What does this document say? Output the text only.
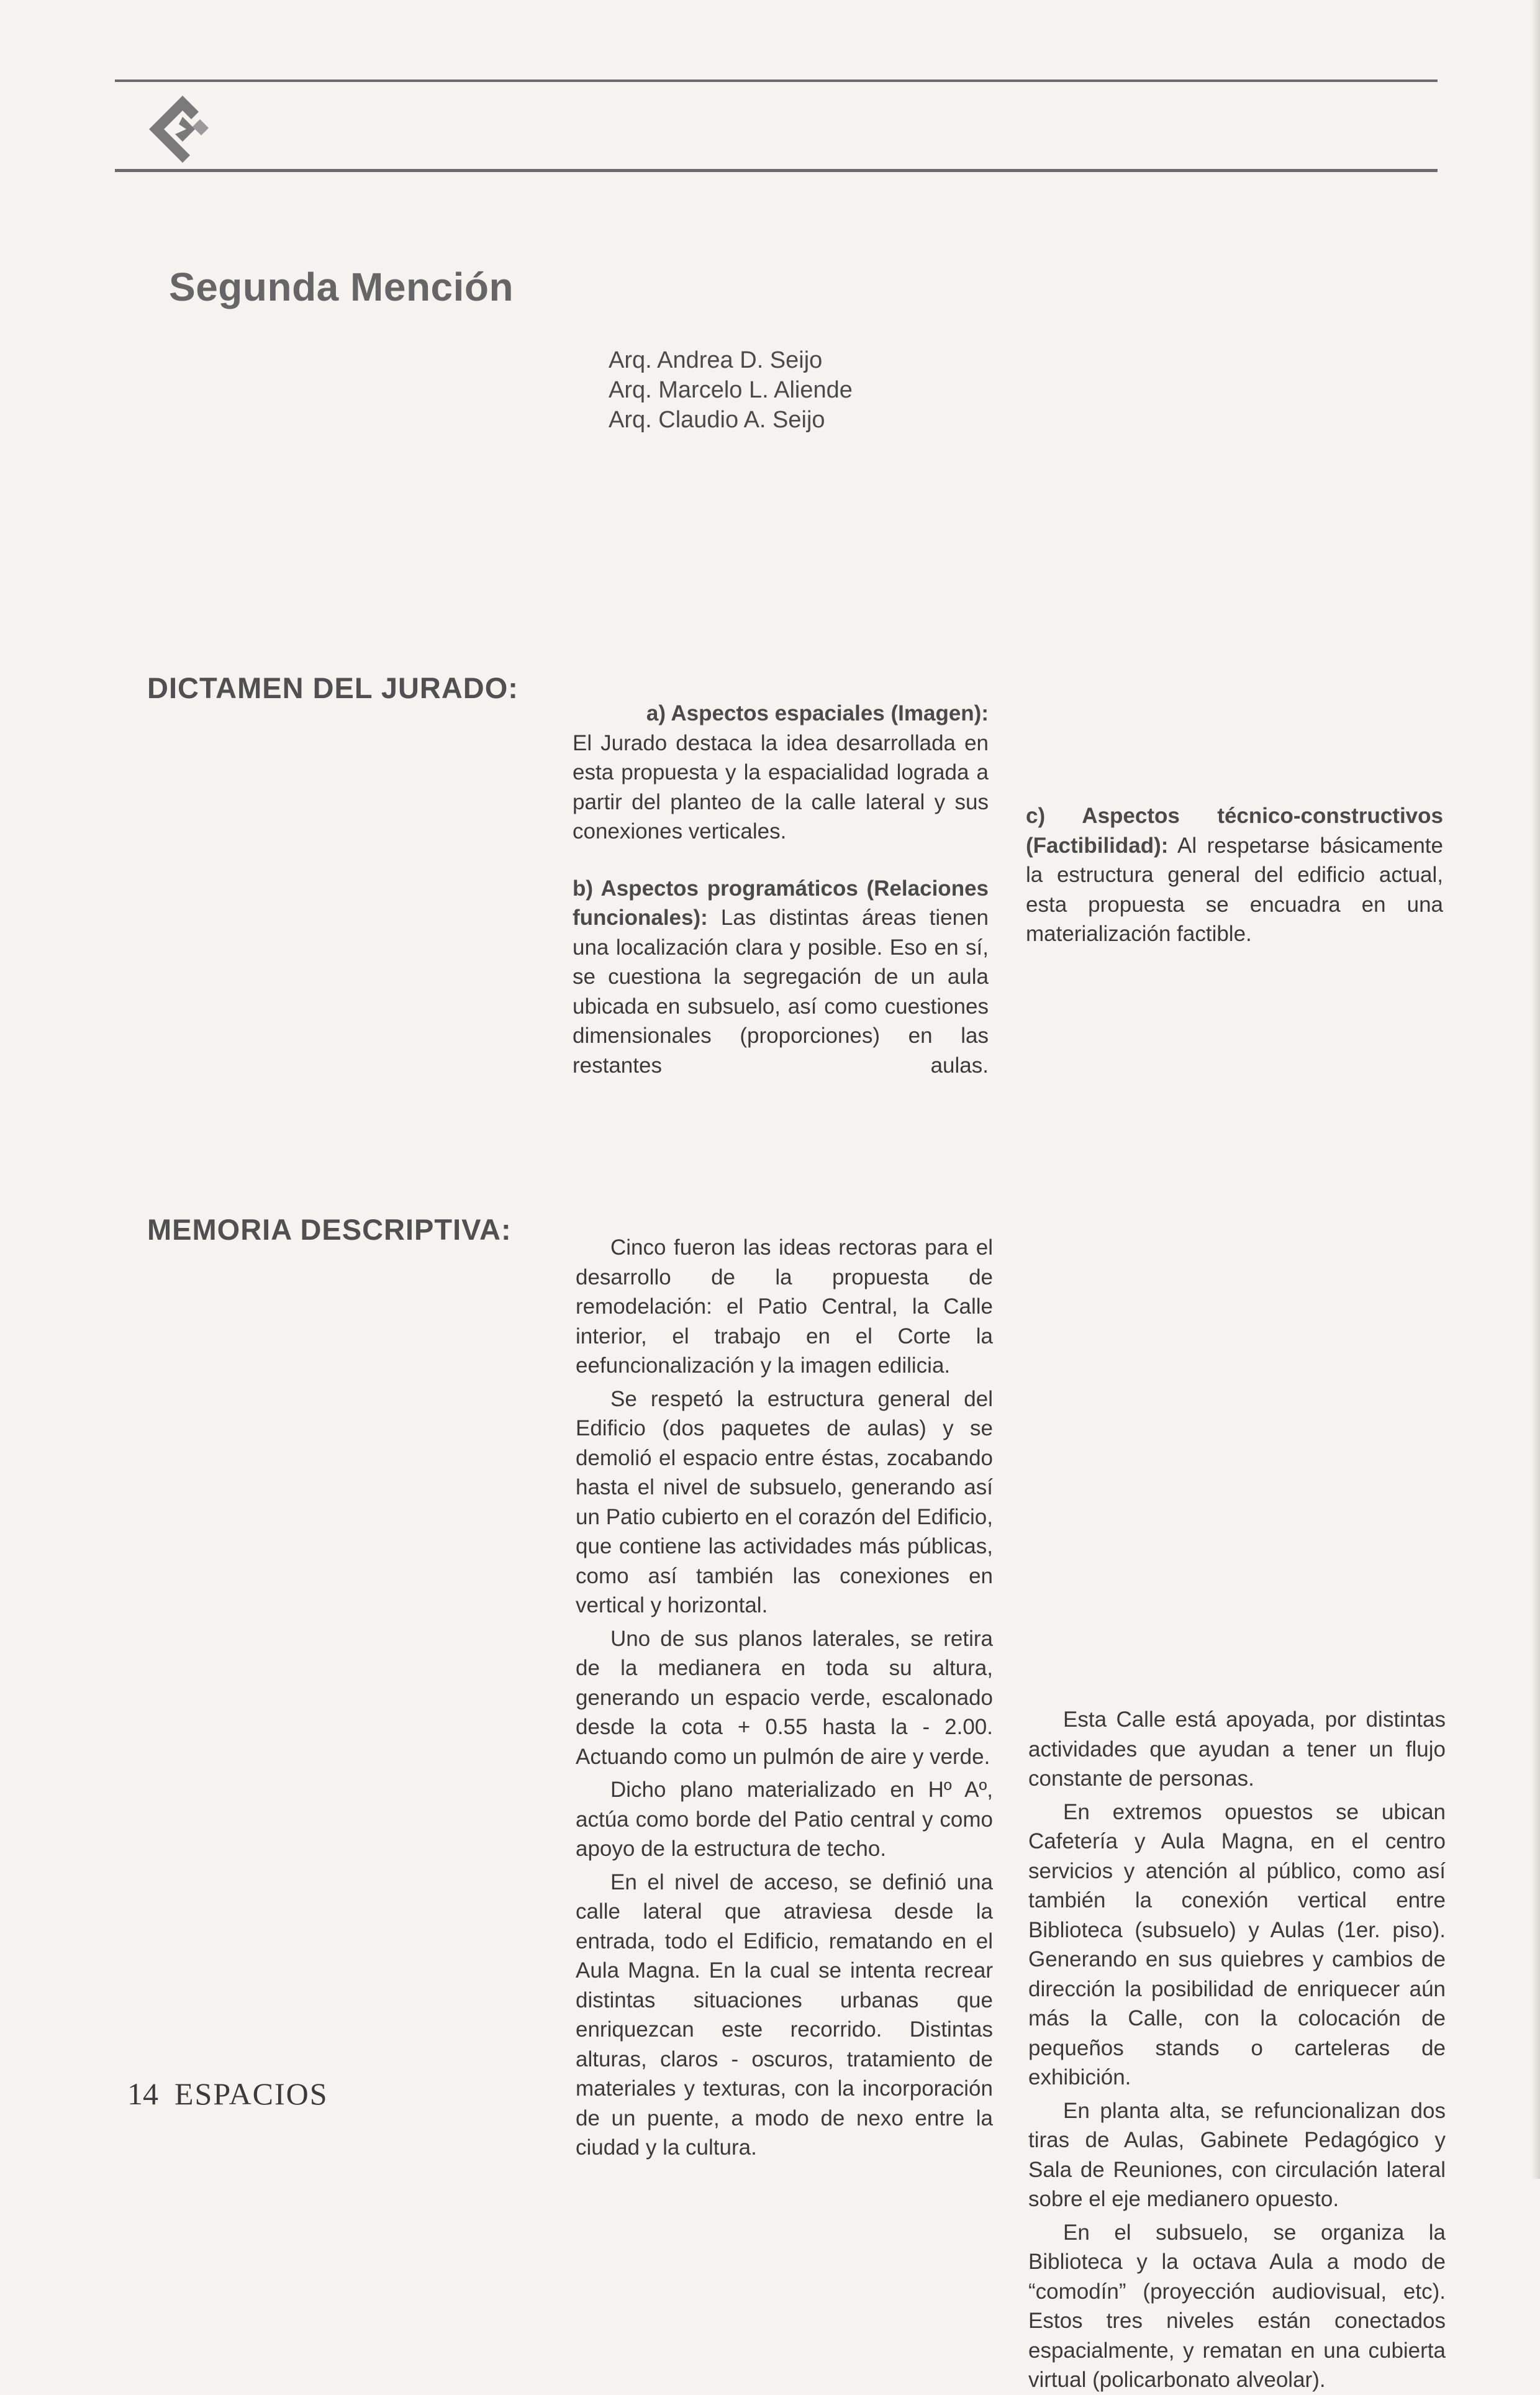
Segunda Mención
Arq. Andrea D. Seijo
Arq. Marcelo L. Aliende
Arq. Claudio A. Seijo
DICTAMEN DEL JURADO:

a) Aspectos espaciales (Imagen):

El Jurado destaca la idea desarrollada en esta propuesta y la espacialidad lograda a partir del planteo de la calle lateral y sus conexiones verticales.

b) Aspectos programáticos (Relaciones funcionales): Las distintas áreas tienen una localización clara y posible. Eso en sí, se cuestiona la segregación de un aula ubicada en subsuelo, así como cuestiones dimensionales (proporciones) en las restantes aulas.

c) Aspectos técnico-constructivos (Factibilidad): Al respetarse básicamente la estructura general del edificio actual, esta propuesta se encuadra en una materialización factible.

MEMORIA DESCRIPTIVA:

Cinco fueron las ideas rectoras para el desarrollo de la propuesta de remodelación: el Patio Central, la Calle interior, el trabajo en el Corte la eefuncionalización y la imagen edilicia.

Se respetó la estructura general del Edificio (dos paquetes de aulas) y se demolió el espacio entre éstas, zocabando hasta el nivel de subsuelo, generando así un Patio cubierto en el corazón del Edificio, que contiene las actividades más públicas, como así también las conexiones en vertical y horizontal.

Uno de sus planos laterales, se retira de la medianera en toda su altura, generando un espacio verde, escalonado desde la cota + 0.55 hasta la - 2.00. Actuando como un pulmón de aire y verde.

Dicho plano materializado en Hº Aº, actúa como borde del Patio central y como apoyo de la estructura de techo.

En el nivel de acceso, se definió una calle lateral que atraviesa desde la entrada, todo el Edificio, rematando en el Aula Magna. En la cual se intenta recrear distintas situaciones urbanas que enriquezcan este recorrido. Distintas alturas, claros - oscuros, tratamiento de materiales y texturas, con la incorporación de un puente, a modo de nexo entre la ciudad y la cultura.

Esta Calle está apoyada, por distintas actividades que ayudan a tener un flujo constante de personas.

En extremos opuestos se ubican Cafetería y Aula Magna, en el centro servicios y atención al público, como así también la conexión vertical entre Biblioteca (subsuelo) y Aulas (1er. piso). Generando en sus quiebres y cambios de dirección la posibilidad de enriquecer aún más la Calle, con la colocación de pequeños stands o carteleras de exhibición.

En planta alta, se refuncionalizan dos tiras de Aulas, Gabinete Pedagógico y Sala de Reuniones, con circulación lateral sobre el eje medianero opuesto.

En el subsuelo, se organiza la Biblioteca y la octava Aula a modo de “comodín” (proyección audiovisual, etc). Estos tres niveles están conectados espacialmente, y rematan en una cubierta virtual (policarbonato alveolar).

14 ESPACIOS
